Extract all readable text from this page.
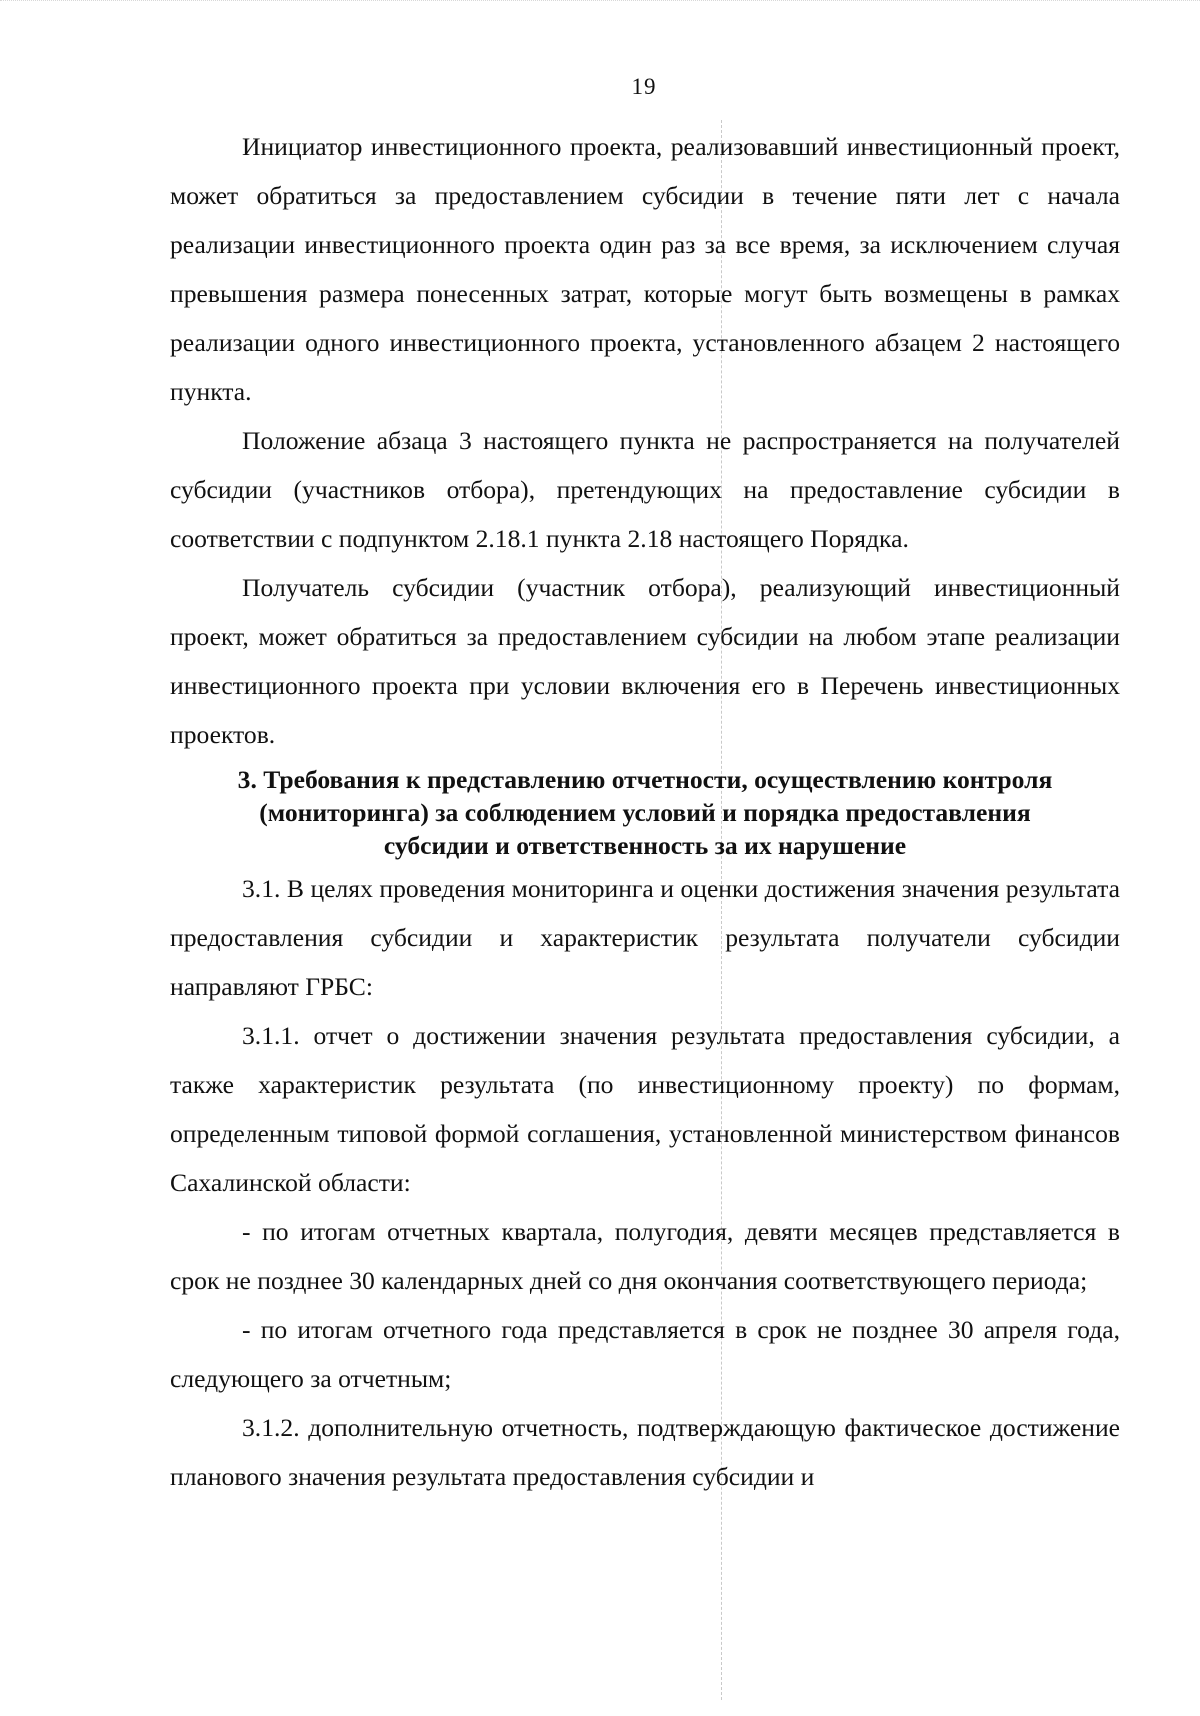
19

Инициатор инвестиционного проекта, реализовавший инвестиционный проект, может обратиться за предоставлением субсидии в течение пяти лет с начала реализации инвестиционного проекта один раз за все время, за исключением случая превышения размера понесенных затрат, которые могут быть возмещены в рамках реализации одного инвестиционного проекта, установленного абзацем 2 настоящего пункта.

Положение абзаца 3 настоящего пункта не распространяется на получателей субсидии (участников отбора), претендующих на предоставление субсидии в соответствии с подпунктом 2.18.1 пункта 2.18 настоящего Порядка.

Получатель субсидии (участник отбора), реализующий инвестиционный проект, может обратиться за предоставлением субсидии на любом этапе реализации инвестиционного проекта при условии включения его в Перечень инвестиционных проектов.

3. Требования к представлению отчетности, осуществлению контроля
(мониторинга) за соблюдением условий и порядка предоставления
субсидии и ответственность за их нарушение

3.1. В целях проведения мониторинга и оценки достижения значения результата предоставления субсидии и характеристик результата получатели субсидии направляют ГРБС:

3.1.1. отчет о достижении значения результата предоставления субсидии, а также характеристик результата (по инвестиционному проекту) по формам, определенным типовой формой соглашения, установленной министерством финансов Сахалинской области:

- по итогам отчетных квартала, полугодия, девяти месяцев представляется в срок не позднее 30 календарных дней со дня окончания соответствующего периода;

- по итогам отчетного года представляется в срок не позднее 30 апреля года, следующего за отчетным;

3.1.2. дополнительную отчетность, подтверждающую фактическое достижение планового значения результата предоставления субсидии и
